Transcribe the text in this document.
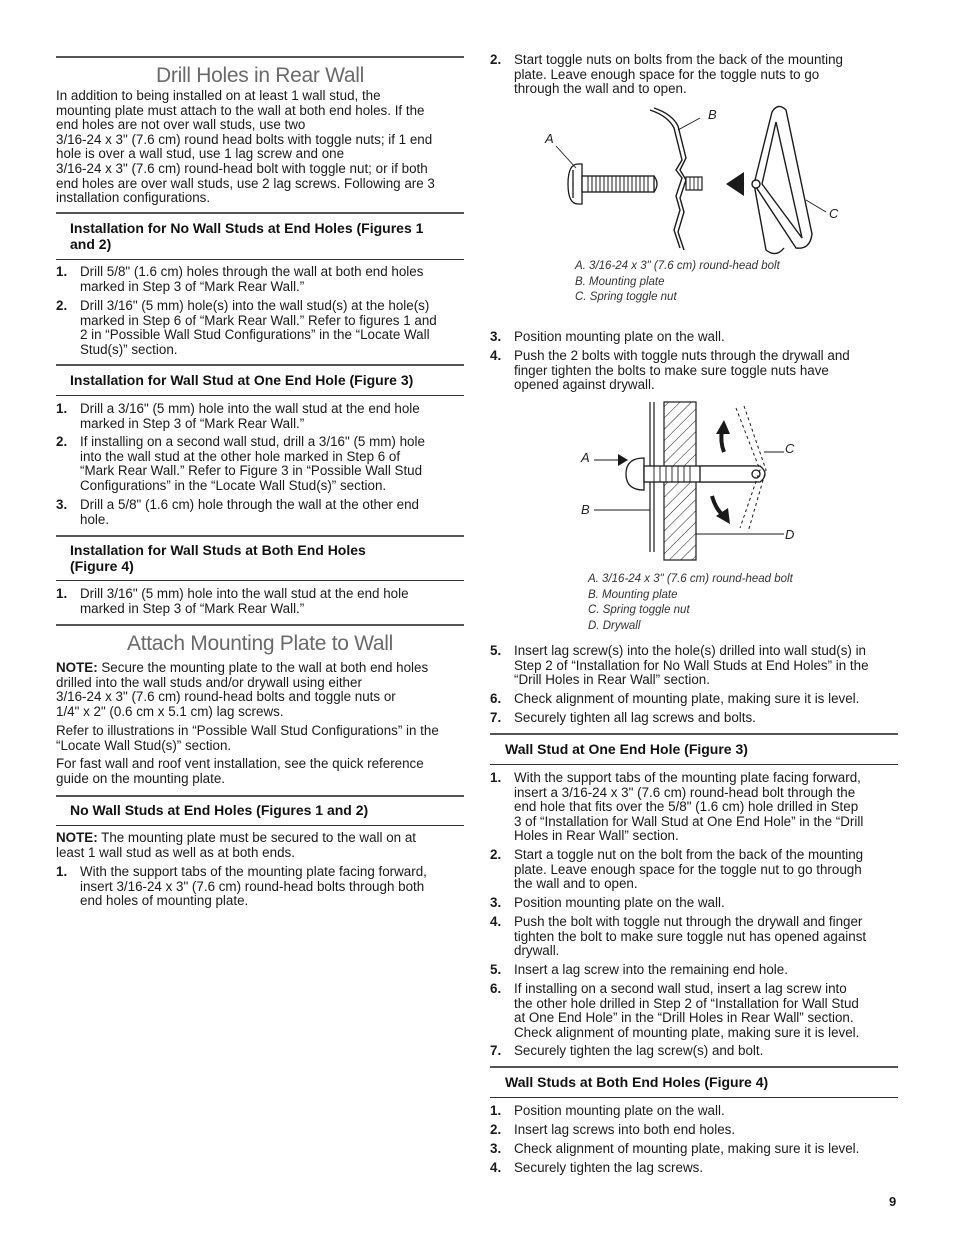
Drill Holes in Rear Wall
In addition to being installed on at least 1 wall stud, the
mounting plate must attach to the wall at both end holes. If the
end holes are not over wall studs, use two
3/16-24 x 3" (7.6 cm) round head bolts with toggle nuts; if 1 end
hole is over a wall stud, use 1 lag screw and one
3/16-24 x 3" (7.6 cm) round-head bolt with toggle nut; or if both
end holes are over wall studs, use 2 lag screws. Following are 3
installation configurations.
Installation for No Wall Studs at End Holes (Figures 1
and 2)
1. Drill 5/8" (1.6 cm) holes through the wall at both end holes
marked in Step 3 of “Mark Rear Wall.”
2. Drill 3/16" (5 mm) hole(s) into the wall stud(s) at the hole(s)
marked in Step 6 of “Mark Rear Wall.” Refer to figures 1 and
2 in “Possible Wall Stud Configurations” in the “Locate Wall
Stud(s)” section.
Installation for Wall Stud at One End Hole (Figure 3)
1. Drill a 3/16" (5 mm) hole into the wall stud at the end hole
marked in Step 3 of “Mark Rear Wall.”
2. If installing on a second wall stud, drill a 3/16" (5 mm) hole
into the wall stud at the other hole marked in Step 6 of
“Mark Rear Wall.” Refer to Figure 3 in “Possible Wall Stud
Configurations” in the “Locate Wall Stud(s)” section.
3. Drill a 5/8" (1.6 cm) hole through the wall at the other end
hole.
Installation for Wall Studs at Both End Holes
(Figure 4)
1. Drill 3/16" (5 mm) hole into the wall stud at the end hole
marked in Step 3 of “Mark Rear Wall.”
Attach Mounting Plate to Wall
NOTE: Secure the mounting plate to the wall at both end holes
drilled into the wall studs and/or drywall using either
3/16-24 x 3" (7.6 cm) round-head bolts and toggle nuts or
1/4" x 2" (0.6 cm x 5.1 cm) lag screws.
Refer to illustrations in “Possible Wall Stud Configurations” in the
“Locate Wall Stud(s)” section.
For fast wall and roof vent installation, see the quick reference
guide on the mounting plate.
No Wall Studs at End Holes (Figures 1 and 2)
NOTE: The mounting plate must be secured to the wall on at
least 1 wall stud as well as at both ends.
1. With the support tabs of the mounting plate facing forward,
insert 3/16-24 x 3" (7.6 cm) round-head bolts through both
end holes of mounting plate.
2. Start toggle nuts on bolts from the back of the mounting
plate. Leave enough space for the toggle nuts to go
through the wall and to open.
A
B
C
A. 3/16-24 x 3" (7.6 cm) round-head bolt
B. Mounting plate
C. Spring toggle nut
3. Position mounting plate on the wall.
4. Push the 2 bolts with toggle nuts through the drywall and
finger tighten the bolts to make sure toggle nuts have
opened against drywall.
A
B
C
D
A. 3/16-24 x 3" (7.6 cm) round-head bolt
B. Mounting plate
C. Spring toggle nut
D. Drywall
5. Insert lag screw(s) into the hole(s) drilled into wall stud(s) in
Step 2 of “Installation for No Wall Studs at End Holes” in the
“Drill Holes in Rear Wall” section.
6. Check alignment of mounting plate, making sure it is level.
7. Securely tighten all lag screws and bolts.
Wall Stud at One End Hole (Figure 3)
1. With the support tabs of the mounting plate facing forward,
insert a 3/16-24 x 3" (7.6 cm) round-head bolt through the
end hole that fits over the 5/8" (1.6 cm) hole drilled in Step
3 of “Installation for Wall Stud at One End Hole” in the “Drill
Holes in Rear Wall” section.
2. Start a toggle nut on the bolt from the back of the mounting
plate. Leave enough space for the toggle nut to go through
the wall and to open.
3. Position mounting plate on the wall.
4. Push the bolt with toggle nut through the drywall and finger
tighten the bolt to make sure toggle nut has opened against
drywall.
5. Insert a lag screw into the remaining end hole.
6. If installing on a second wall stud, insert a lag screw into
the other hole drilled in Step 2 of “Installation for Wall Stud
at One End Hole” in the “Drill Holes in Rear Wall” section.
Check alignment of mounting plate, making sure it is level.
7. Securely tighten the lag screw(s) and bolt.
Wall Studs at Both End Holes (Figure 4)
1. Position mounting plate on the wall.
2. Insert lag screws into both end holes.
3. Check alignment of mounting plate, making sure it is level.
4. Securely tighten the lag screws.
9
